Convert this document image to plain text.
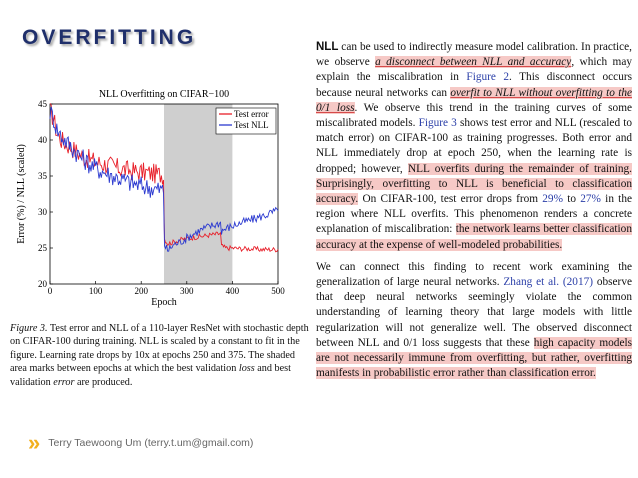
OVERFITTING
0	100	200	300	400	500
20
25
30
35
40
45
NLL Overfitting on CIFAR−100
Epoch
Error (%) / NLL (scaled)
Test error
Test NLL
Figure 3. Test error and NLL of a 110-layer ResNet with stochastic depth on CIFAR-100 during training. NLL is scaled by a constant to fit in the figure. Learning rate drops by 10x at epochs 250 and 375. The shaded area marks between epochs at which the best validation loss and best validation error are produced.
» Terry Taewoong Um (terry.t.um@gmail.com)

NLL can be used to indirectly measure model calibration. In practice, we observe a disconnect between NLL and accuracy, which may explain the miscalibration in Figure 2. This disconnect occurs because neural networks can overfit to NLL without overfitting to the 0/1 loss. We observe this trend in the training curves of some miscalibrated models. Figure 3 shows test error and NLL (rescaled to match error) on CIFAR-100 as training progresses. Both error and NLL immediately drop at epoch 250, when the learning rate is dropped; however, NLL overfits during the remainder of training. Surprisingly, overfitting to NLL is beneficial to classification accuracy. On CIFAR-100, test error drops from 29% to 27% in the region where NLL overfits. This phenomenon renders a concrete explanation of miscalibration: the network learns better classification accuracy at the expense of well-modeled probabilities.

We can connect this finding to recent work examining the generalization of large neural networks. Zhang et al. (2017) observe that deep neural networks seemingly violate the common understanding of learning theory that large models with little regularization will not generalize well. The observed disconnect between NLL and 0/1 loss suggests that these high capacity models are not necessarily immune from overfitting, but rather, overfitting manifests in probabilistic error rather than classification error.
